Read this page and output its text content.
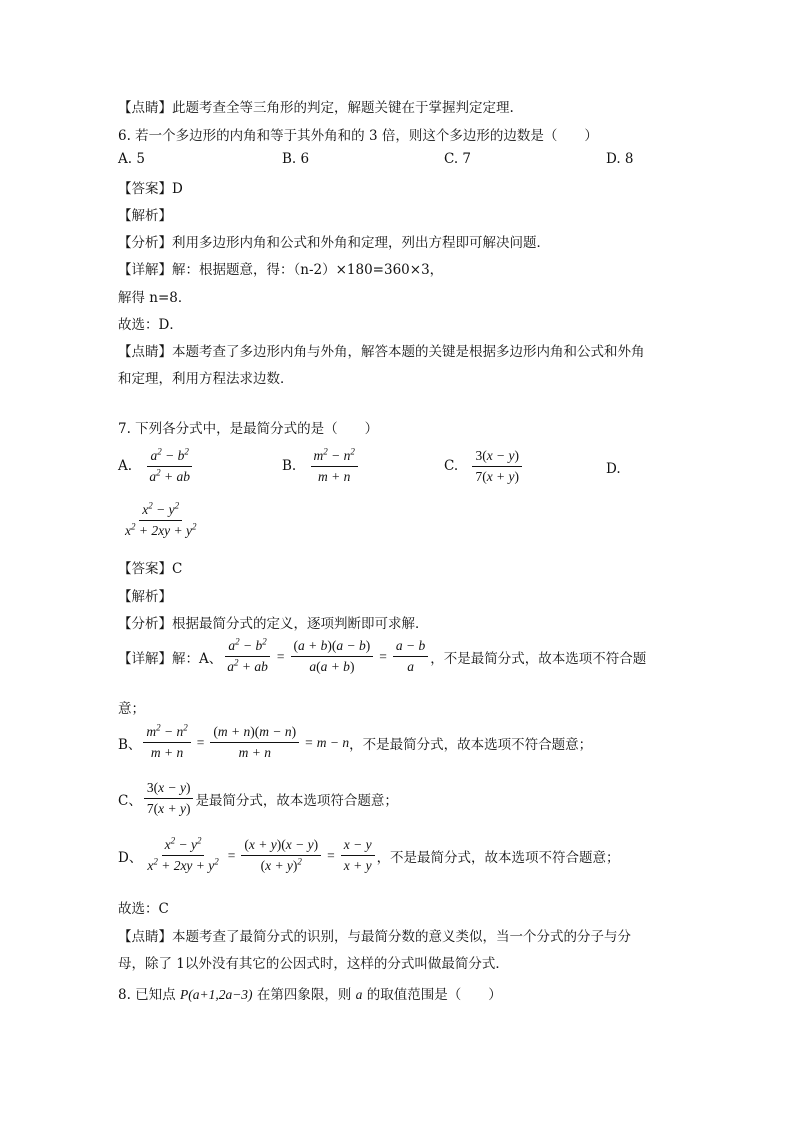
【点睛】此题考查全等三角形的判定，解题关键在于掌握判定定理.
6. 若一个多边形的内角和等于其外角和的 3 倍，则这个多边形的边数是（　　）
A. 5	B. 6	C. 7	D. 8
【答案】D
【解析】
【分析】利用多边形内角和公式和外角和定理，列出方程即可解决问题．
【详解】解：根据题意，得：（n-2）×180=360×3，
解得 n=8．
故选：D．
【点睛】本题考查了多边形内角与外角，解答本题的关键是根据多边形内角和公式和外角
和定理，利用方程法求边数．
7. 下列各分式中，是最简分式的是（　　）
A. $\frac{a^2 - b^2}{a^2 + ab}$	B. $\frac{m^2 - n^2}{m + n}$	C. $\frac{3(x - y)}{7(x + y)}$	D.
$\frac{x^2 - y^2}{x^2 + 2xy + y^2}$
【答案】C
【解析】
【分析】根据最简分式的定义，逐项判断即可求解．
【详解】解：A、 $\frac{a^2 - b^2}{a^2 + ab} = \frac{(a + b)(a - b)}{a(a + b)} = \frac{a - b}{a}$ ，不是最简分式，故本选项不符合题
意；
B、 $\frac{m^2 - n^2}{m + n} = \frac{(m + n)(m - n)}{m + n} = m - n$ ，不是最简分式，故本选项不符合题意；
C、 $\frac{3(x - y)}{7(x + y)}$ 是最简分式，故本选项符合题意；
D、 $\frac{x^2 - y^2}{x^2 + 2xy + y^2} = \frac{(x + y)(x - y)}{(x + y)^2} = \frac{x - y}{x + y}$ ，不是最简分式，故本选项不符合题意；
故选：C
【点睛】本题考查了最简分式的识别，与最简分数的意义类似，当一个分式的分子与分
母，除了 1以外没有其它的公因式时，这样的分式叫做最简分式．
8. 已知点 P(a+1,2a−3) 在第四象限，则 a 的取值范围是（　　）
